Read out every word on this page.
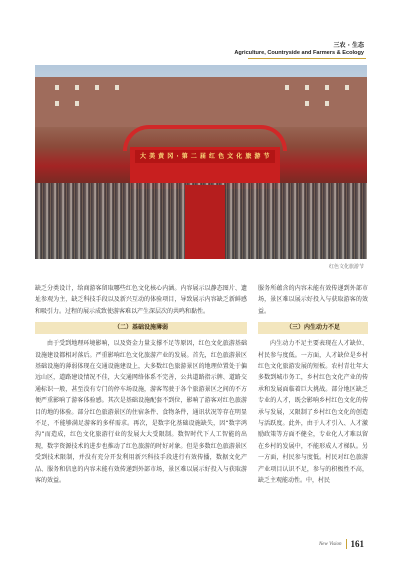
三农 · 生态
Agriculture, Countryside and Farmers & Ecology
大 美 黄 冈 · 第 二 届 红 色 文 化 旅 游 节
红色文化旅游节

缺乏分类设计，给商游客留取哪些红色文化核心内涵。内容展示以静态图片、遗址参观为主，缺乏科技手段以及新兴互动的体验项目，导致展示内容缺乏新鲜感和吸引力。过程的展示成致使游客难以产生深层次的共鸣和黏性。

（二）基础设施薄弱

由于受到地理环境影响，以及资金力量支撑不足等原因，红色文化旅游基础设施建设都相对落后。严重影响红色文化旅游产业的发展。首先，红色旅游景区基础设施的薄弱体现在交通设施建设上，大多数红色旅游景区的地理位置处于偏远山区，道路建设情况不佳，大交通网络体系不完善，公共道路指示牌、道路交通标识一般，甚至没有专门的停车场设施，游客驾驶于各个旅游景区之间的不方便严重影响了游客体验感。其次是基础设施配套不到位，影响了游客对红色旅游目的地的体验。部分红色旅游景区的住宿条件、食物条件，通讯状况等存在明显不足，不能够满足游客的多样需求。再次，是数字化基础设施缺失，因“数字鸿沟”而造成，红色文化旅游行业的发展大大受限制。数智时代下人工智能的出现，数字资源技术的进步也推动了红色旅游的时好对象。但是多数红色旅游景区受到技术限制，并没有充分开发利用新兴科技手段进行有效传播，数据文化产品、服务和信息的内容未能有效传递到外部市场，景区难以展示好投入与获取游客的效益。

服务所蕴含的内容未能有效传递到外部市场，景区难以展示好投入与获取游客的效益。

（三）内生动力不足

内生动力不足主要表现在人才缺位、村民参与度低。一方面，人才缺位是乡村红色文化旅游发展的短板。农村青壮年大多数到城市务工，乡村红色文化产业的传承和发展面临着巨大挑战。部分地区缺乏专业的人才，既会影响乡村红色文化的传承与发展，又限制了乡村红色文化的创造与活跃度。此外，由于人才引入、人才激励政策等方面不健全，专业化人才难以留在乡村的发展中，不能形成人才梯队。另一方面，村民参与度低。村民对红色旅游产业项目认识不足，参与的积极性不高，缺乏主观能动性。中，村民

New Vision 161
